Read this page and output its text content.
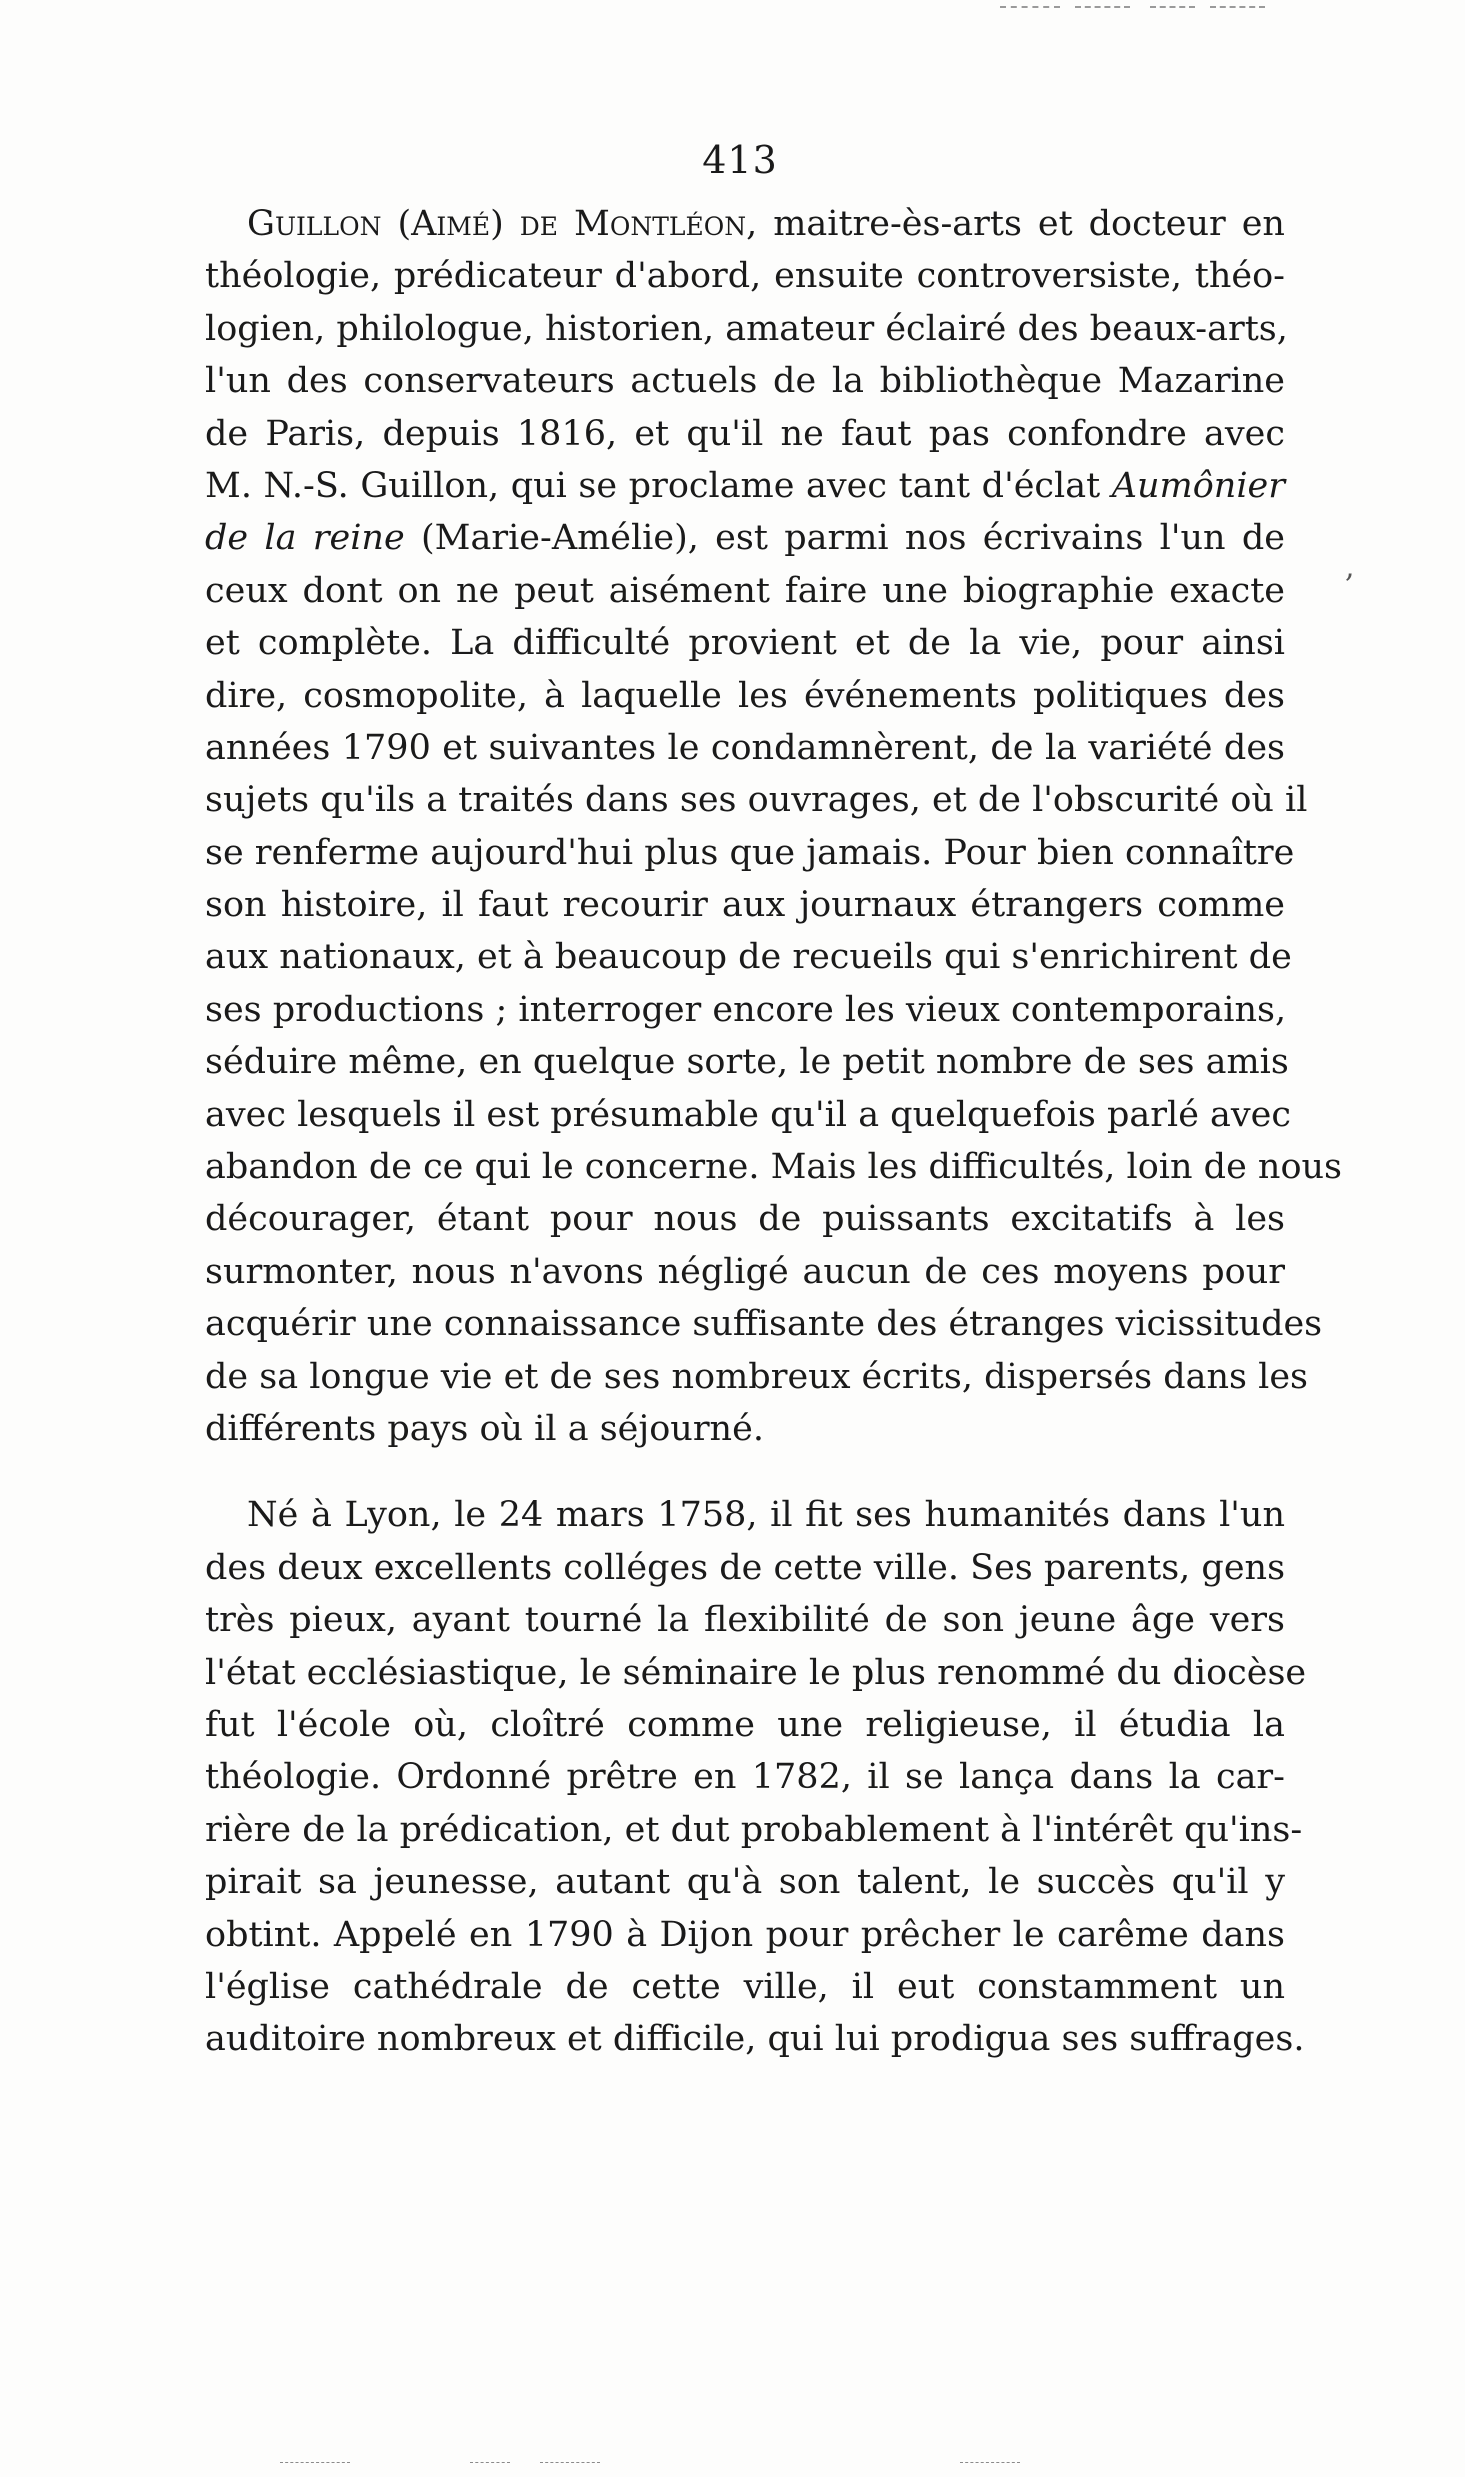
413
Guillon (Aimé) de Montléon, maitre-ès-arts et docteur en
théologie, prédicateur d'abord, ensuite controversiste, théo-
logien, philologue, historien, amateur éclairé des beaux-arts,
l'un des conservateurs actuels de la bibliothèque Mazarine
de Paris, depuis 1816, et qu'il ne faut pas confondre avec
M. N.-S. Guillon, qui se proclame avec tant d'éclat Aumônier
de la reine (Marie-Amélie), est parmi nos écrivains l'un de
ceux dont on ne peut aisément faire une biographie exacte
et complète. La difficulté provient et de la vie, pour ainsi
dire, cosmopolite, à laquelle les événements politiques des
années 1790 et suivantes le condamnèrent, de la variété des
sujets qu'ils a traités dans ses ouvrages, et de l'obscurité où il
se renferme aujourd'hui plus que jamais. Pour bien connaître
son histoire, il faut recourir aux journaux étrangers comme
aux nationaux, et à beaucoup de recueils qui s'enrichirent de
ses productions ; interroger encore les vieux contemporains,
séduire même, en quelque sorte, le petit nombre de ses amis
avec lesquels il est présumable qu'il a quelquefois parlé avec
abandon de ce qui le concerne. Mais les difficultés, loin de nous
décourager, étant pour nous de puissants excitatifs à les
surmonter, nous n'avons négligé aucun de ces moyens pour
acquérir une connaissance suffisante des étranges vicissitudes
de sa longue vie et de ses nombreux écrits, dispersés dans les
différents pays où il a séjourné.
Né à Lyon, le 24 mars 1758, il fit ses humanités dans l'un
des deux excellents colléges de cette ville. Ses parents, gens
très pieux, ayant tourné la flexibilité de son jeune âge vers
l'état ecclésiastique, le séminaire le plus renommé du diocèse
fut l'école où, cloîtré comme une religieuse, il étudia la
théologie. Ordonné prêtre en 1782, il se lança dans la car-
rière de la prédication, et dut probablement à l'intérêt qu'ins-
pirait sa jeunesse, autant qu'à son talent, le succès qu'il y
obtint. Appelé en 1790 à Dijon pour prêcher le carême dans
l'église cathédrale de cette ville, il eut constamment un
auditoire nombreux et difficile, qui lui prodigua ses suffrages.
,
